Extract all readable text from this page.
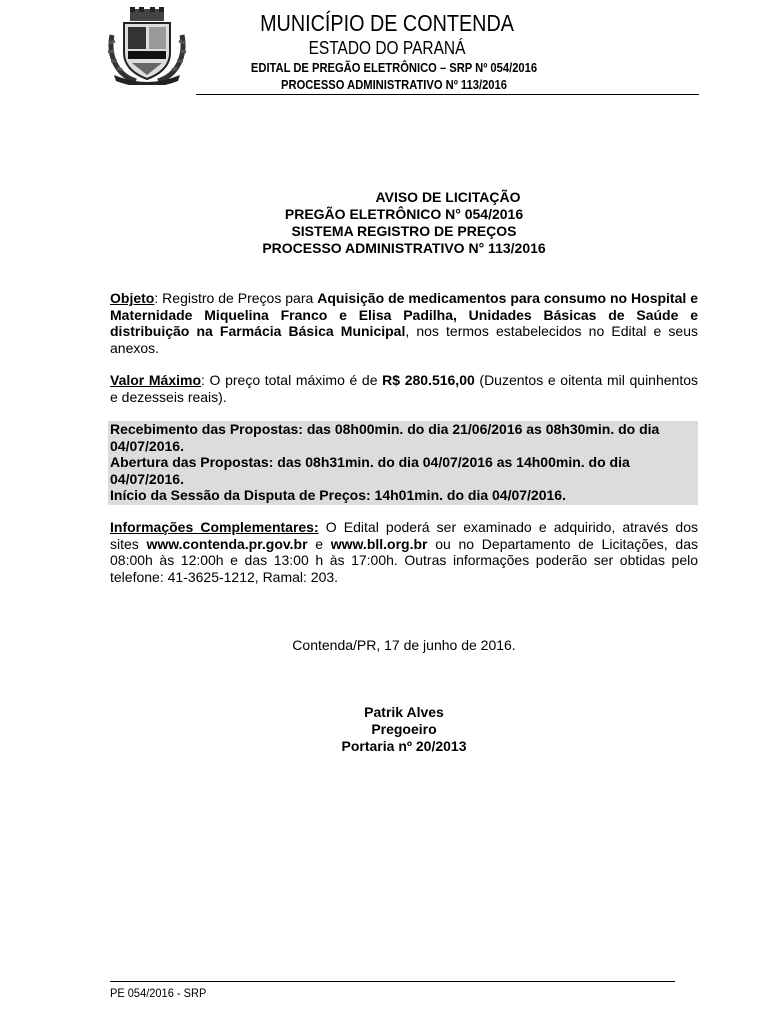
MUNICÍPIO DE CONTENDA
ESTADO DO PARANÁ
EDITAL DE PREGÃO ELETRÔNICO – SRP Nº 054/2016
PROCESSO ADMINISTRATIVO Nº 113/2016
AVISO DE LICITAÇÃO
PREGÃO ELETRÔNICO N° 054/2016
SISTEMA REGISTRO DE PREÇOS
PROCESSO ADMINISTRATIVO N° 113/2016
Objeto: Registro de Preços para Aquisição de medicamentos para consumo no Hospital e Maternidade Miquelina Franco e Elisa Padilha, Unidades Básicas de Saúde e distribuição na Farmácia Básica Municipal, nos termos estabelecidos no Edital e seus anexos.
Valor Máximo: O preço total máximo é de R$ 280.516,00 (Duzentos e oitenta mil quinhentos e dezesseis reais).
Recebimento das Propostas: das 08h00min. do dia 21/06/2016 as 08h30min. do dia 04/07/2016.
Abertura das Propostas: das 08h31min. do dia 04/07/2016 as 14h00min. do dia 04/07/2016.
Início da Sessão da Disputa de Preços: 14h01min. do dia 04/07/2016.
Informações Complementares: O Edital poderá ser examinado e adquirido, através dos sites www.contenda.pr.gov.br e www.bll.org.br ou no Departamento de Licitações, das 08:00h às 12:00h e das 13:00 h às 17:00h. Outras informações poderão ser obtidas pelo telefone: 41-3625-1212, Ramal: 203.
Contenda/PR, 17 de junho de 2016.
Patrik Alves
Pregoeiro
Portaria nº 20/2013
PE 054/2016 - SRP
